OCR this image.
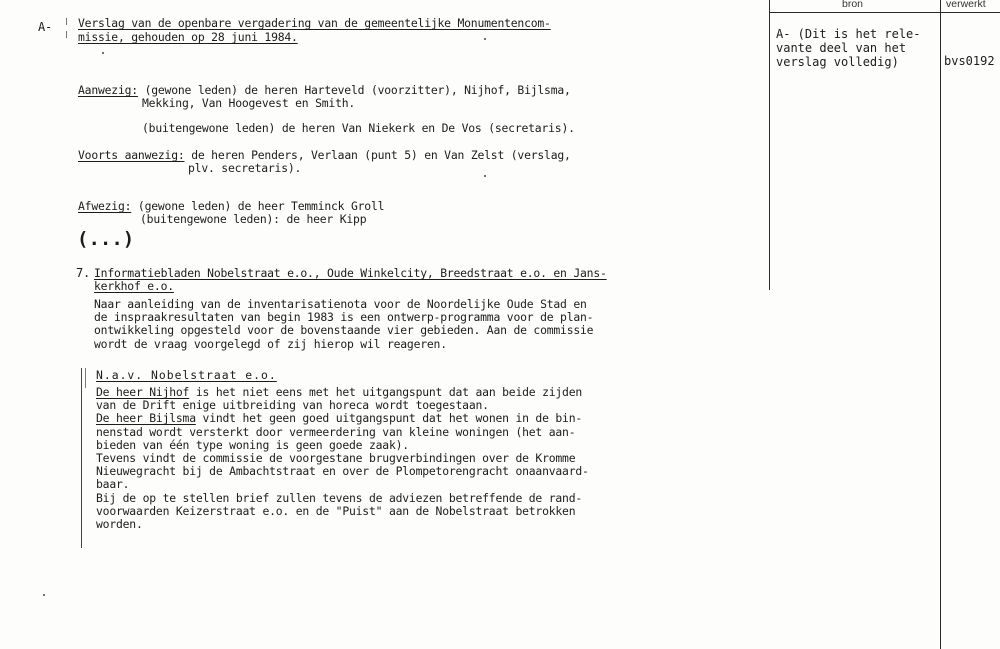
bron	verwerkt
A- (Dit is het rele-
vante deel van het
verslag volledig)	bvs0192
A- Verslag van de openbare vergadering van de gemeentelijke Monumentencom-
missie, gehouden op 28 juni 1984.
Aanwezig: (gewone leden) de heren Harteveld (voorzitter), Nijhof, Bijlsma,
Mekking, Van Hoogevest en Smith.
(buitengewone leden) de heren Van Niekerk en De Vos (secretaris).
Voorts aanwezig: de heren Penders, Verlaan (punt 5) en Van Zelst (verslag,
plv. secretaris).
Afwezig: (gewone leden) de heer Temminck Groll
(buitengewone leden): de heer Kipp
(...)
7. Informatiebladen Nobelstraat e.o., Oude Winkelcity, Breedstraat e.o. en Jans-
kerkhof e.o.
Naar aanleiding van de inventarisatienota voor de Noordelijke Oude Stad en
de inspraakresultaten van begin 1983 is een ontwerp-programma voor de plan-
ontwikkeling opgesteld voor de bovenstaande vier gebieden. Aan de commissie
wordt de vraag voorgelegd of zij hierop wil reageren.
N.a.v. Nobelstraat e.o.
De heer Nijhof is het niet eens met het uitgangspunt dat aan beide zijden
van de Drift enige uitbreiding van horeca wordt toegestaan.
De heer Bijlsma vindt het geen goed uitgangspunt dat het wonen in de bin-
nenstad wordt versterkt door vermeerdering van kleine woningen (het aan-
bieden van één type woning is geen goede zaak).
Tevens vindt de commissie de voorgestane brugverbindingen over de Kromme
Nieuwegracht bij de Ambachtstraat en over de Plompetorengracht onaanvaard-
baar.
Bij de op te stellen brief zullen tevens de adviezen betreffende de rand-
voorwaarden Keizerstraat e.o. en de "Puist" aan de Nobelstraat betrokken
worden.
